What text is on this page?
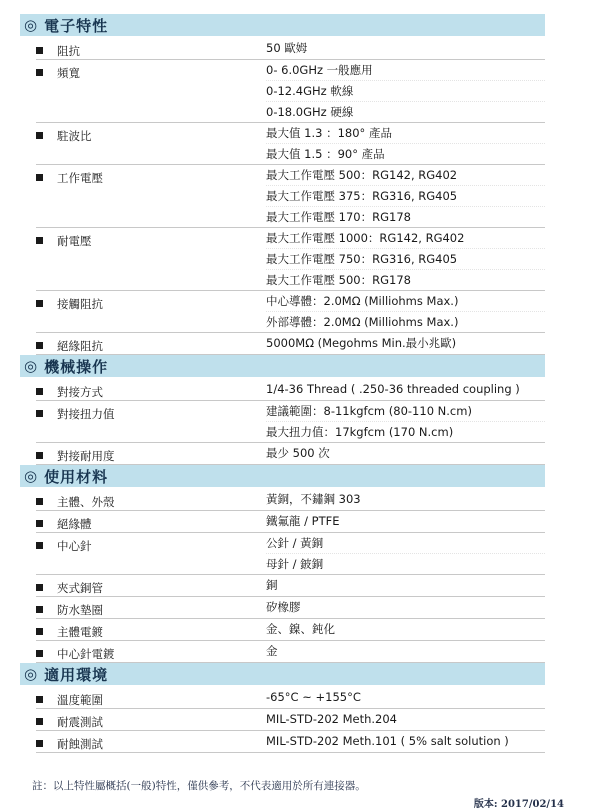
◎ 電子特性
阻抗	50 歐姆
頻寬	0- 6.0GHz 一般應用
0-12.4GHz 軟線
0-18.0GHz 硬線
駐波比	最大值 1.3 ：180° 產品
最大值 1.5 ：90° 產品
工作電壓	最大工作電壓 500：RG142, RG402
最大工作電壓 375：RG316, RG405
最大工作電壓 170：RG178
耐電壓	最大工作電壓 1000：RG142, RG402
最大工作電壓 750：RG316, RG405
最大工作電壓 500：RG178
接觸阻抗	中心導體：2.0MΩ (Milliohms Max.)
外部導體：2.0MΩ (Milliohms Max.)
絕緣阻抗	5000MΩ (Megohms Min.最小兆歐)
◎ 機械操作
對接方式	1/4-36 Thread ( .250-36 threaded coupling )
對接扭力值	建議範圍：8-11kgfcm (80-110 N.cm)
最大扭力值：17kgfcm (170 N.cm)
對接耐用度	最少 500 次
◎ 使用材料
主體、外殼	黃銅，不鏽鋼 303
絕緣體	鐵氟龍 / PTFE
中心針	公針 / 黃銅
母針 / 鈹銅
夾式銅管	銅
防水墊圈	矽橡膠
主體電鍍	金、鎳、鈍化
中心針電鍍	金
◎ 適用環境
溫度範圍	-65°C ~ +155°C
耐震測試	MIL-STD-202 Meth.204
耐蝕測試	MIL-STD-202 Meth.101 ( 5% salt solution )
註：以上特性屬概括(一般)特性，僅供參考，不代表適用於所有連接器。
版本: 2017/02/14
